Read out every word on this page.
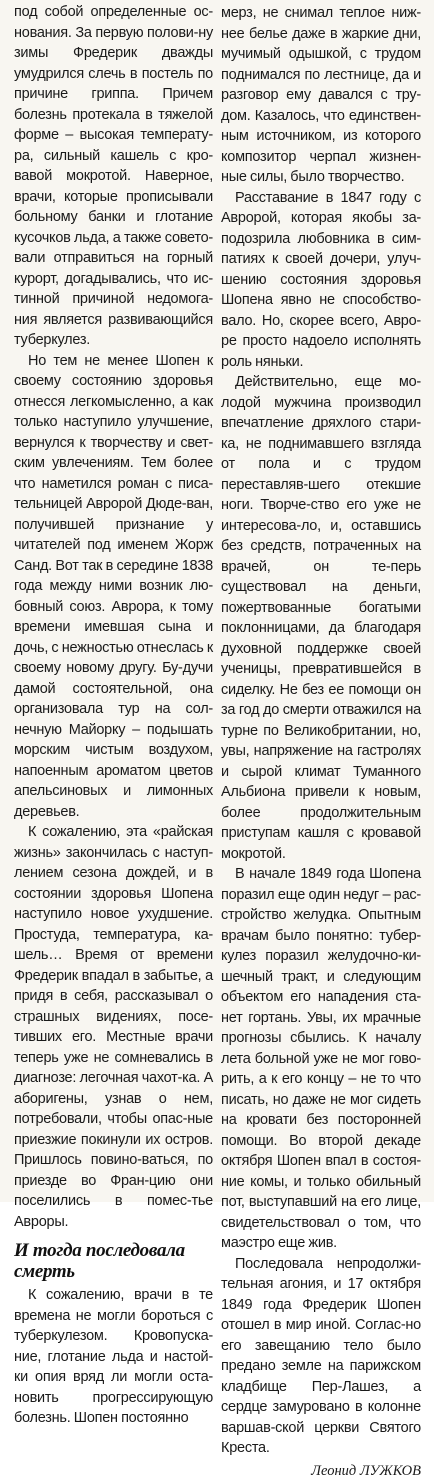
под собой определенные ос-нования. За первую полови-ну зимы Фредерик дважды умудрился слечь в постель по причине гриппа. Причем болезнь протекала в тяжелой форме – высокая температу-ра, сильный кашель с кро-вавой мокротой. Наверное, врачи, которые прописывали больному банки и глотание кусочков льда, а также совето-вали отправиться на горный курорт, догадывались, что ис-тинной причиной недомога-ния является развивающийся туберкулез.

Но тем не менее Шопен к своему состоянию здоровья отнесся легкомысленно, а как только наступило улучшение, вернулся к творчеству и свет-ским увлечениям. Тем более что наметился роман с писа-тельницей Авророй Дюде-ван, получившей признание у читателей под именем Жорж Санд. Вот так в середине 1838 года между ними возник лю-бовный союз. Аврора, к тому времени имевшая сына и дочь, с нежностью отнеслась к своему новому другу. Бу-дучи дамой состоятельной, она организовала тур на сол-нечную Майорку – подышать морским чистым воздухом, напоенным ароматом цветов апельсиновых и лимонных деревьев.

К сожалению, эта «райская жизнь» закончилась с наступ-лением сезона дождей, и в состоянии здоровья Шопена наступило новое ухудшение. Простуда, температура, ка-шель… Время от времени Фредерик впадал в забытье, а придя в себя, рассказывал о страшных видениях, посе-тивших его. Местные врачи теперь уже не сомневались в диагнозе: легочная чахот-ка. А аборигены, узнав о нем, потребовали, чтобы опас-ные приезжие покинули их остров. Пришлось повино-ваться, по приезде во Фран-цию они поселились в помес-тье Авроры.

И тогда последовала смерть

К сожалению, врачи в те времена не могли бороться с туберкулезом. Кровопуска-ние, глотание льда и настой-ки опия вряд ли могли оста-новить прогрессирующую болезнь. Шопен постоянно

мерз, не снимал теплое ниж-нее белье даже в жаркие дни, мучимый одышкой, с трудом поднимался по лестнице, да и разговор ему давался с тру-дом. Казалось, что единствен-ным источником, из которого композитор черпал жизнен-ные силы, было творчество.

Расставание в 1847 году с Авророй, которая якобы за-подозрила любовника в сим-патиях к своей дочери, улуч-шению состояния здоровья Шопена явно не способство-вало. Но, скорее всего, Авро-ре просто надоело исполнять роль няньки.

Действительно, еще мо-лодой мужчина производил впечатление дряхлого стари-ка, не поднимавшего взгляда от пола и с трудом переставляв-шего отекшие ноги. Творче-ство его уже не интересова-ло, и, оставшись без средств, потраченных на врачей, он те-перь существовал на деньги, пожертвованные богатыми поклонницами, да благодаря духовной поддержке своей ученицы, превратившейся в сиделку. Не без ее помощи он за год до смерти отважился на турне по Великобритании, но, увы, напряжение на гастролях и сырой климат Туманного Альбиона привели к новым, более продолжительным приступам кашля с кровавой мокротой.

В начале 1849 года Шопена поразил еще один недуг – рас-стройство желудка. Опытным врачам было понятно: тубер-кулез поразил желудочно-ки-шечный тракт, и следующим объектом его нападения ста-нет гортань. Увы, их мрачные прогнозы сбылись. К началу лета больной уже не мог гово-рить, а к его концу – не то что писать, но даже не мог сидеть на кровати без посторонней помощи. Во второй декаде октября Шопен впал в состоя-ние комы, и только обильный пот, выступавший на его лице, свидетельствовал о том, что маэстро еще жив.

Последовала непродолжи-тельная агония, и 17 октября 1849 года Фредерик Шопен отошел в мир иной. Соглас-но его завещанию тело было предано земле на парижском кладбище Пер-Лашез, а сердце замуровано в колонне варшав-ской церкви Святого Креста.

Леонид ЛУЖКОВ
